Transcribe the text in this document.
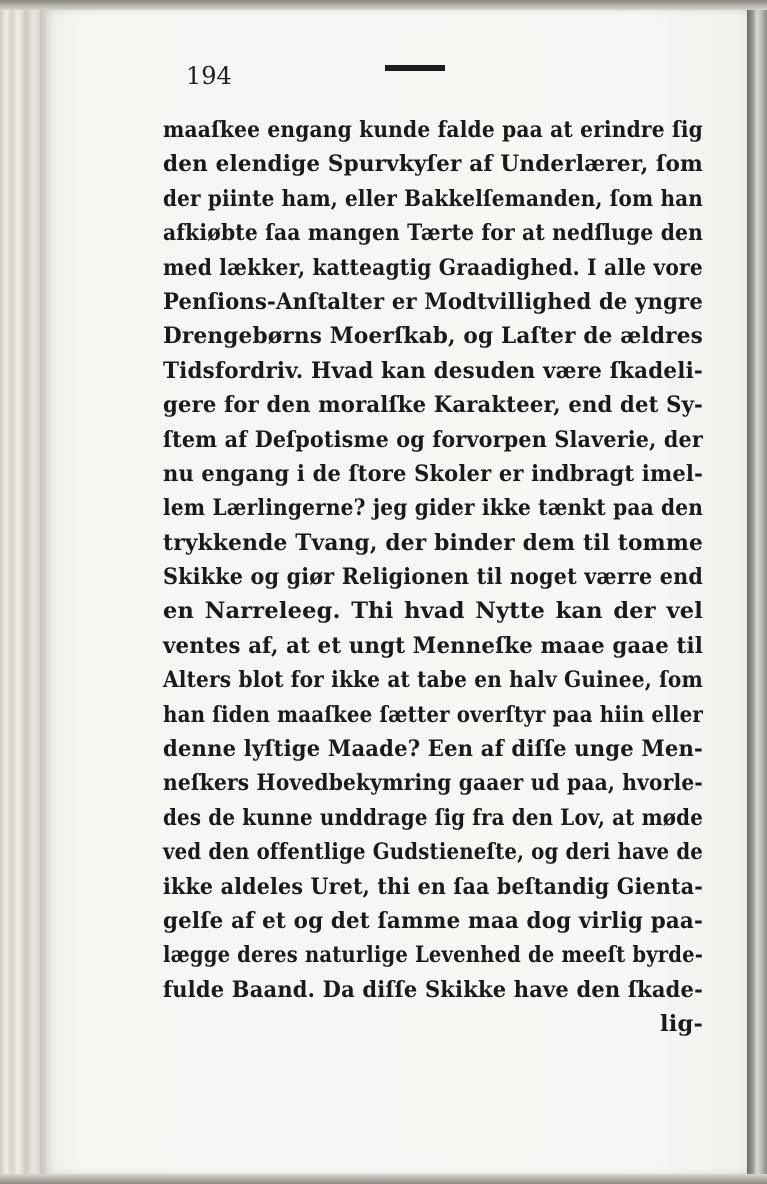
194
maaſkee engang kunde falde paa at erindre ſig
den elendige Spurvkyſer af Underlærer, ſom
der piinte ham, eller Bakkelſemanden, ſom han
afkiøbte ſaa mangen Tærte for at nedſluge den
med lækker, katteagtig Graadighed. I alle vore
Penſions-Anſtalter er Modtvillighed de yngre
Drengebørns Moerſkab, og Laſter de ældres
Tidsfordriv. Hvad kan desuden være ſkadeli-
gere for den moralſke Karakteer, end det Sy-
ſtem af Deſpotisme og forvorpen Slaverie, der
nu engang i de ſtore Skoler er indbragt imel-
lem Lærlingerne? jeg gider ikke tænkt paa den
trykkende Tvang, der binder dem til tomme
Skikke og giør Religionen til noget værre end
en Narreleeg. Thi hvad Nytte kan der vel
ventes af, at et ungt Menneſke maae gaae til
Alters blot for ikke at tabe en halv Guinee, ſom
han ſiden maaſkee ſætter overſtyr paa hiin eller
denne lyſtige Maade? Een af diſſe unge Men-
neſkers Hovedbekymring gaaer ud paa, hvorle-
des de kunne unddrage ſig fra den Lov, at møde
ved den offentlige Gudstieneſte, og deri have de
ikke aldeles Uret, thi en ſaa beſtandig Gienta-
gelſe af et og det ſamme maa dog virlig paa-
lægge deres naturlige Levenhed de meeſt byrde-
fulde Baand. Da diſſe Skikke have den ſkade-
lig-
